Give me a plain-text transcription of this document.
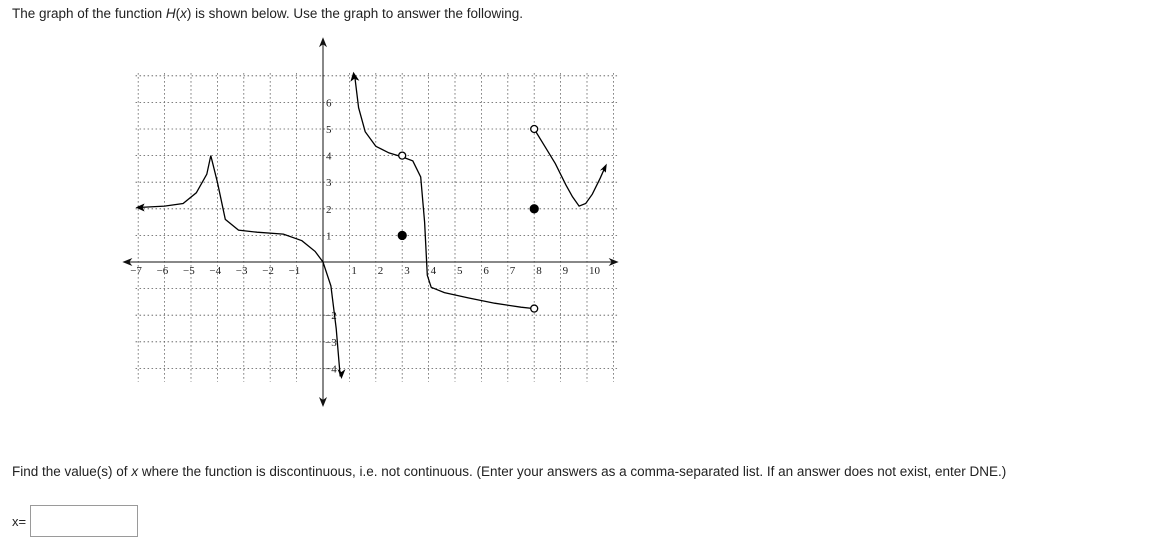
The graph of the function H(x) is shown below. Use the graph to answer the following.
−7 −6 −5 −4 −3 −2 −1	1 2 3 4 5 6 7 8 9 10
1
2
3
4
5
6
−2
−3
−4
Find the value(s) of x where the function is discontinuous, i.e. not continuous. (Enter your answers as a comma-separated list. If an answer does not exist, enter DNE.)
x=
